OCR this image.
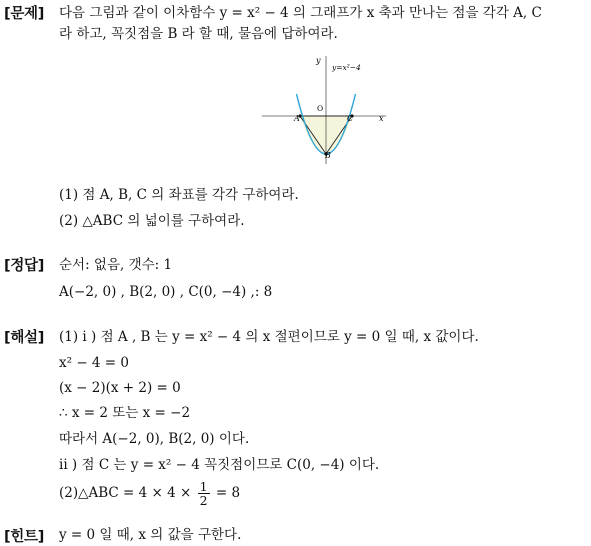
[문제] 다음 그림과 같이 이차함수 y = x² − 4 의 그래프가 x 축과 만나는 점을 각각 A, C
라 하고, 꼭짓점을 B 라 할 때, 물음에 답하여라.
y
y=x²−4
O
x
A	C
B
(1) 점 A, B, C 의 좌표를 각각 구하여라.
(2) △ABC 의 넓이를 구하여라.
[정답] 순서: 없음, 갯수: 1
A(−2, 0) , B(2, 0) , C(0, −4) ,: 8
[해설] (1) i ) 점 A , B 는 y = x² − 4 의 x 절편이므로 y = 0 일 때, x 값이다.
x² − 4 = 0
(x − 2)(x + 2) = 0
∴ x = 2 또는 x = −2
따라서 A(−2, 0), B(2, 0) 이다.
ii ) 점 C 는 y = x² − 4 꼭짓점이므로 C(0, −4) 이다.
(2)△ABC = $4 \times 4 \times \frac{1}{2} = 8$
[힌트] y = 0 일 때, x 의 값을 구한다.
